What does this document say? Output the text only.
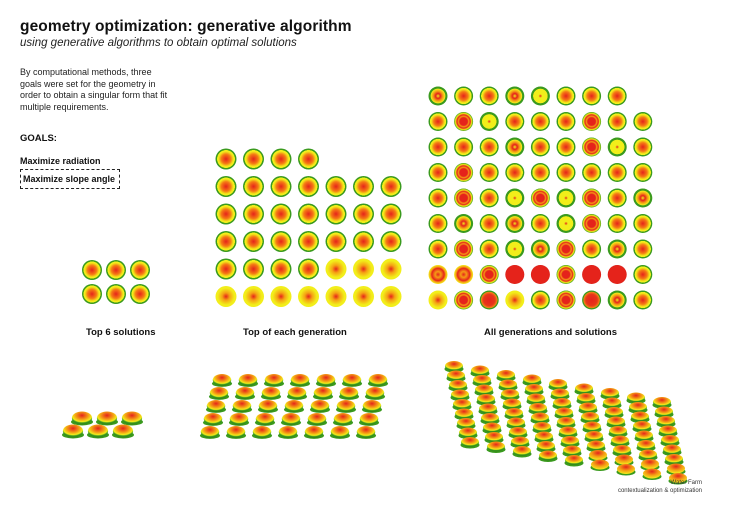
geometry optimization: generative algorithm
using generative algorithms to obtain optimal solutions
By computational methods, three goals were set for the geometry in order to obtain a singular form that fit multiple requirements.
GOALS:
Maximize radiation
Maximize slope angle
Top 6 solutions	Top of each generation	All generations and solutions
Water Farm
contextualization & optimization
